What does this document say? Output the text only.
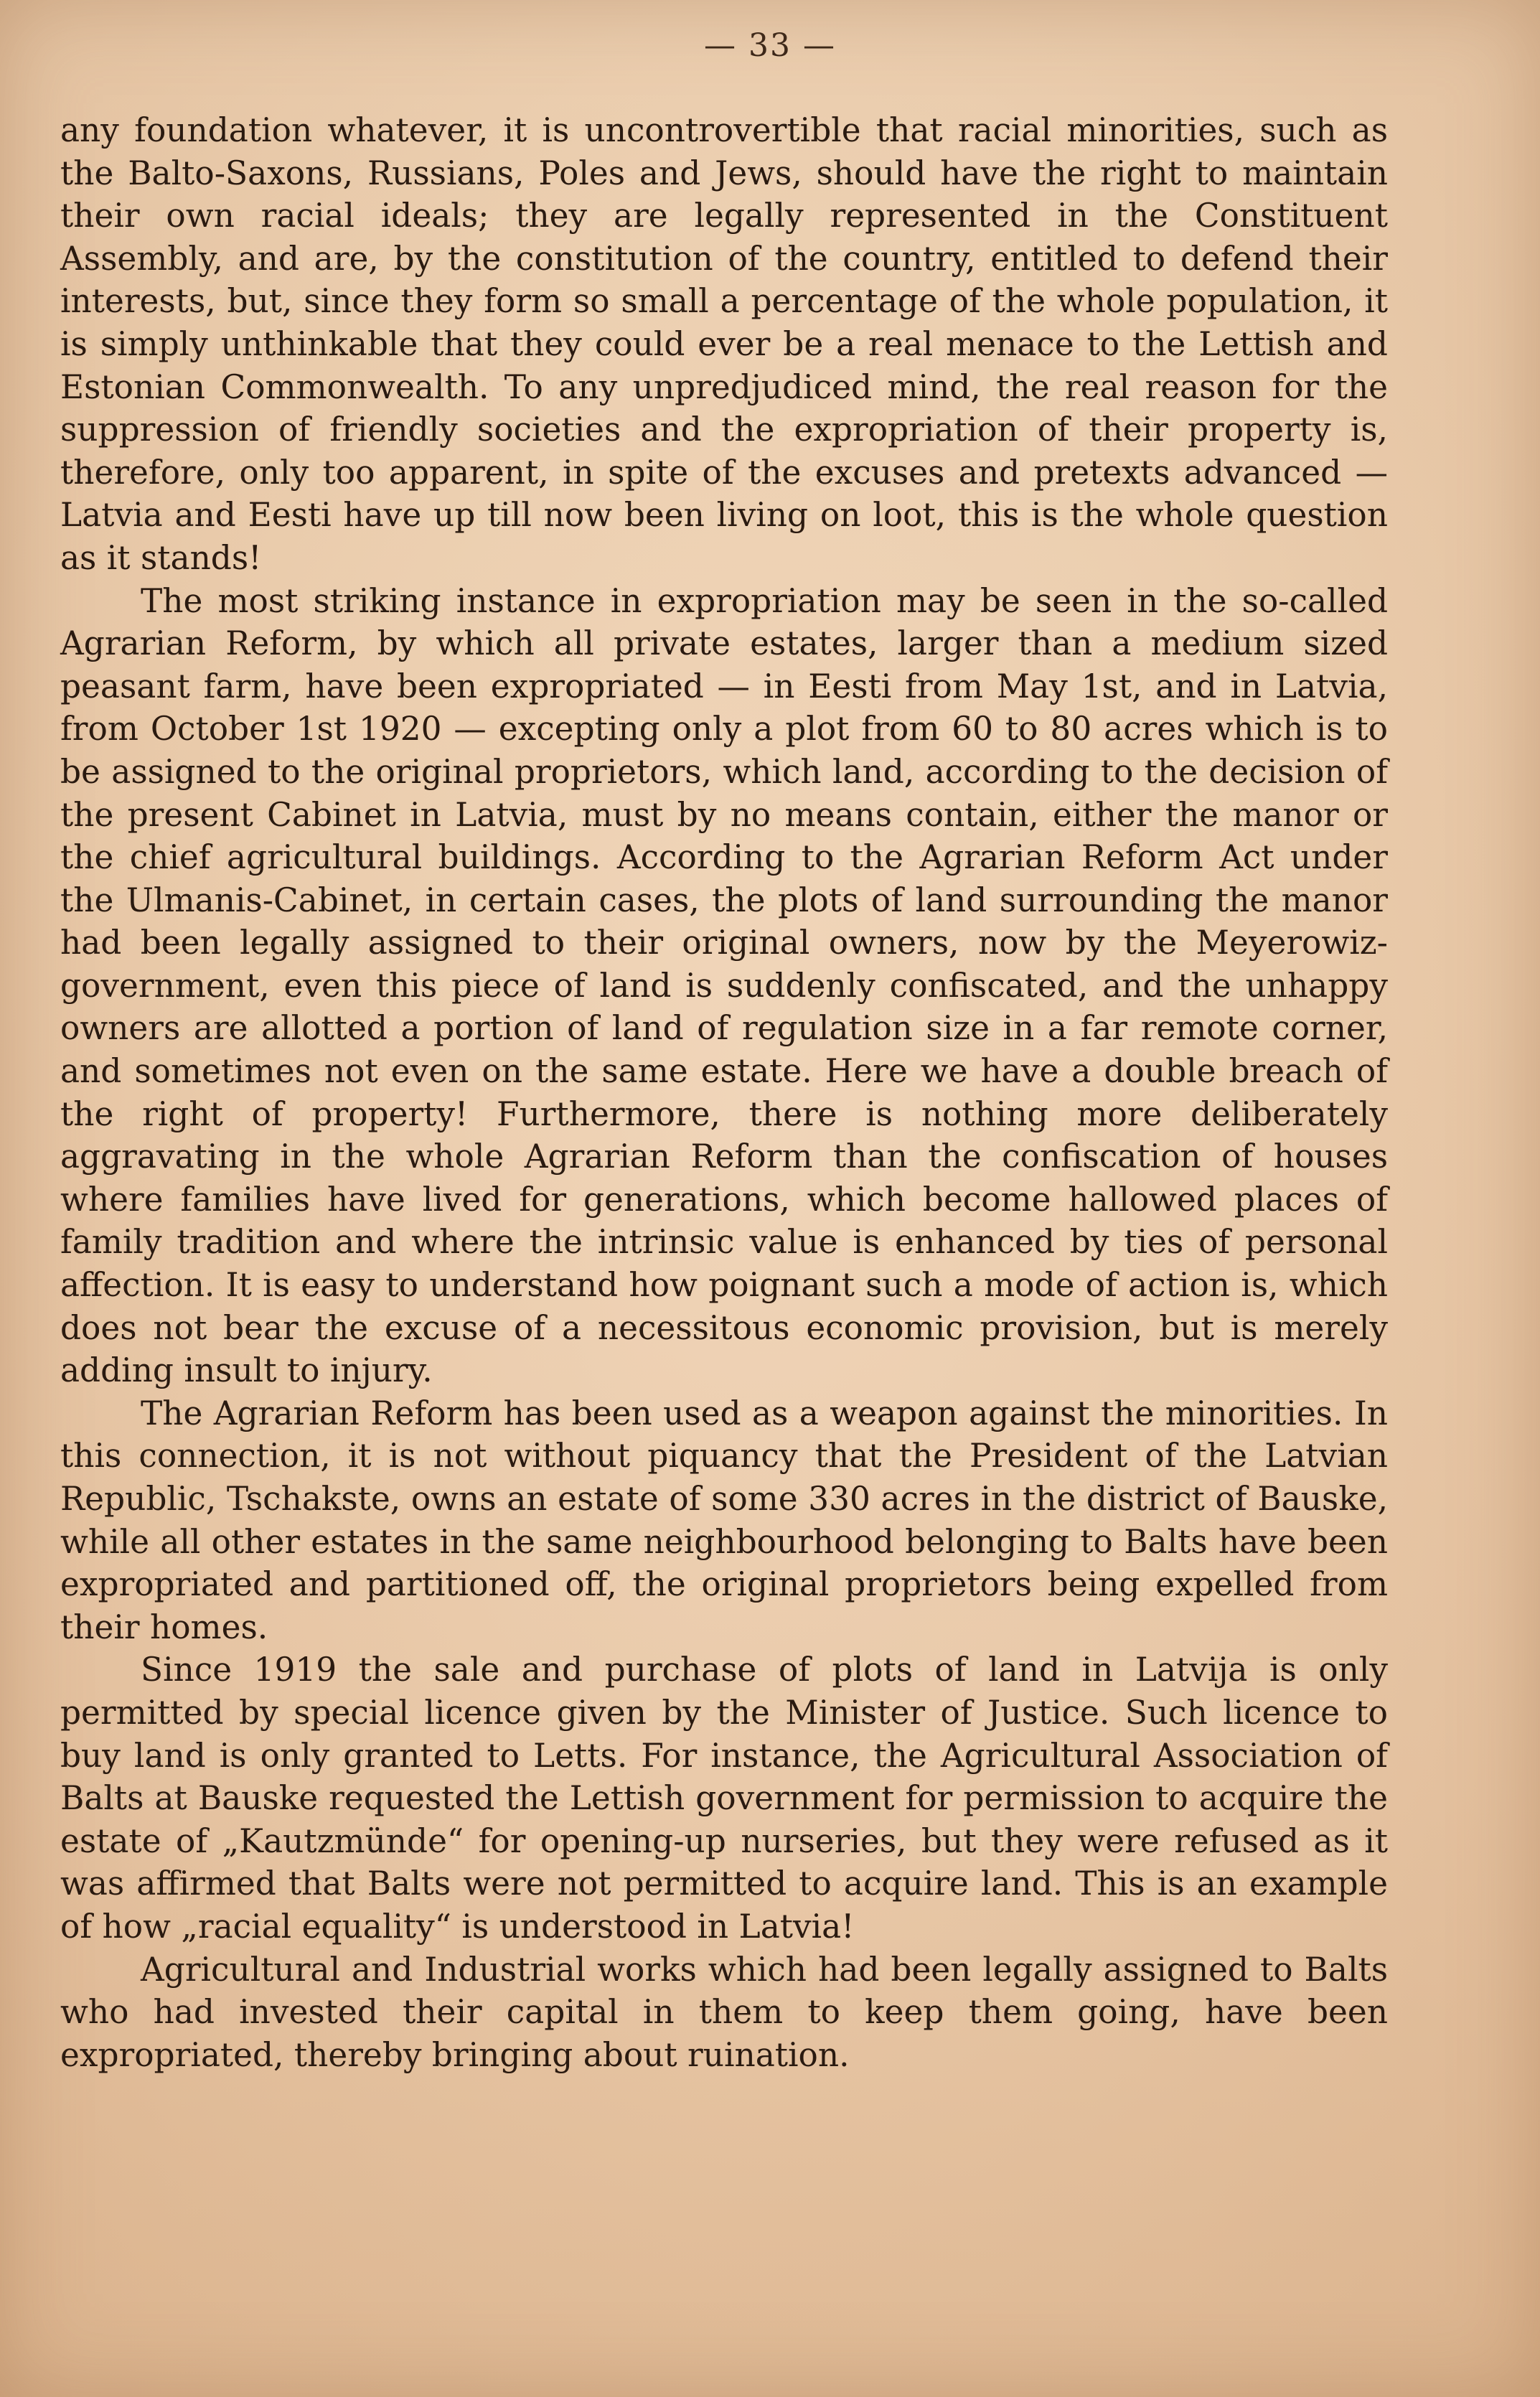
— 33 —

any foundation whatever, it is uncontrovertible that racial minorities, such as the Balto-Saxons, Russians, Poles and Jews, should have the right to maintain their own racial ideals; they are legally represented in the Constituent Assembly, and are, by the constitution of the country, entitled to defend their interests, but, since they form so small a percentage of the whole population, it is simply unthinkable that they could ever be a real menace to the Lettish and Estonian Commonwealth. To any unpredjudiced mind, the real reason for the suppression of friendly societies and the expropriation of their property is, therefore, only too apparent, in spite of the excuses and pretexts advanced — Latvia and Eesti have up till now been living on loot, this is the whole question as it stands!

The most striking instance in expropriation may be seen in the so-called Agrarian Reform, by which all private estates, larger than a medium sized peasant farm, have been expropriated — in Eesti from May 1st, and in Latvia, from October 1st 1920 — excepting only a plot from 60 to 80 acres which is to be assigned to the original proprietors, which land, according to the decision of the present Cabinet in Latvia, must by no means contain, either the manor or the chief agricultural buildings. According to the Agrarian Reform Act under the Ulmanis-Cabinet, in certain cases, the plots of land surrounding the manor had been legally assigned to their original owners, now by the Meyerowiz-government, even this piece of land is suddenly confiscated, and the unhappy owners are allotted a portion of land of regulation size in a far remote corner, and sometimes not even on the same estate. Here we have a double breach of the right of property! Furthermore, there is nothing more deliberately aggravating in the whole Agrarian Reform than the confiscation of houses where families have lived for generations, which become hallowed places of family tradition and where the intrinsic value is enhanced by ties of personal affection. It is easy to understand how poignant such a mode of action is, which does not bear the excuse of a necessitous economic provision, but is merely adding insult to injury.

The Agrarian Reform has been used as a weapon against the minorities. In this connection, it is not without piquancy that the President of the Latvian Republic, Tschakste, owns an estate of some 330 acres in the district of Bauske, while all other estates in the same neighbourhood belonging to Balts have been expropriated and partitioned off, the original proprietors being expelled from their homes.

Since 1919 the sale and purchase of plots of land in Latvija is only permitted by special licence given by the Minister of Justice. Such licence to buy land is only granted to Letts. For instance, the Agricultural Association of Balts at Bauske requested the Lettish government for permission to acquire the estate of „Kautzmünde“ for opening-up nurseries, but they were refused as it was affirmed that Balts were not permitted to acquire land. This is an example of how „racial equality“ is understood in Latvia!

Agricultural and Industrial works which had been legally assigned to Balts who had invested their capital in them to keep them going, have been expropriated, thereby bringing about ruination.
